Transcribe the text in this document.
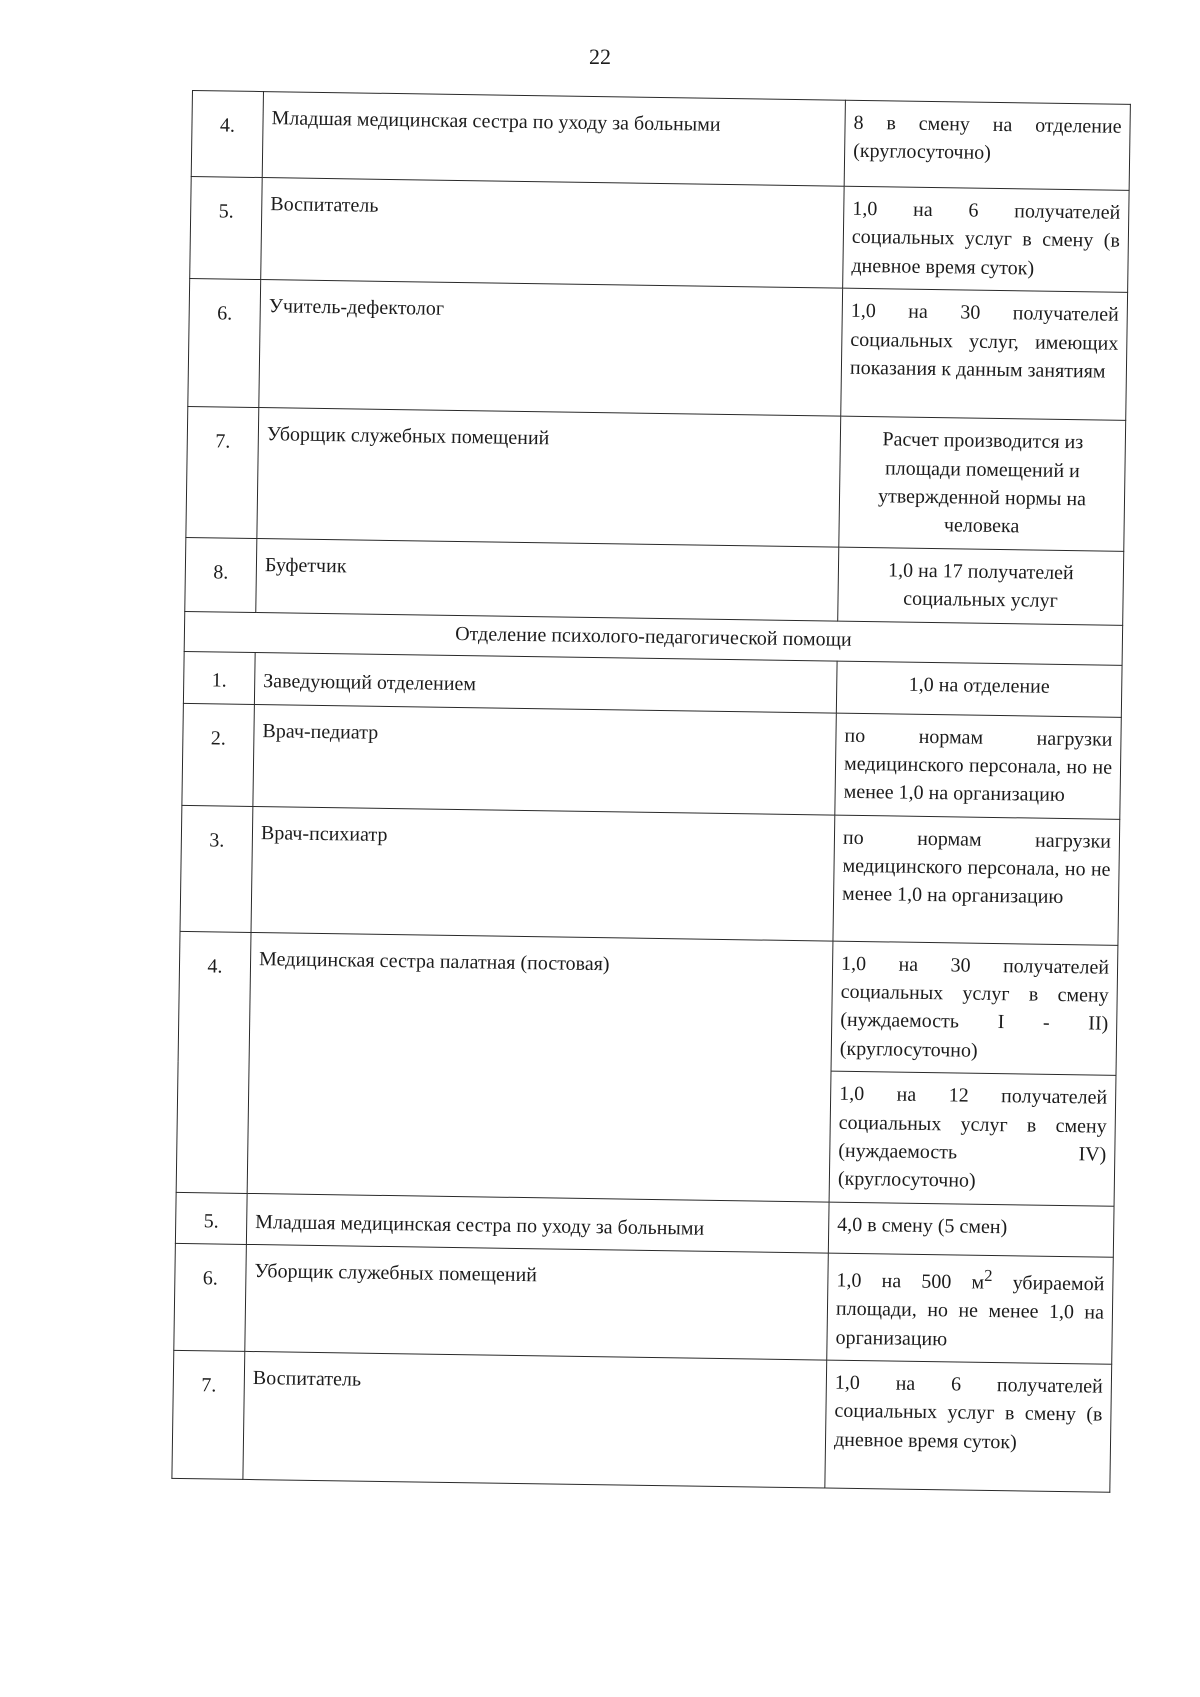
22
4.	Младшая медицинская сестра по уходу за больными	8 в смену на отделение (круглосуточно)
5.	Воспитатель	1,0 на 6 получателей социальных услуг в смену (в дневное время суток)
6.	Учитель-дефектолог	1,0 на 30 получателей социальных услуг, имеющих показания к данным занятиям
7.	Уборщик служебных помещений	Расчет производится из площади помещений и утвержденной нормы на человека
8.	Буфетчик	1,0 на 17 получателей социальных услуг
Отделение психолого-педагогической помощи		
1.	Заведующий отделением	1,0 на отделение
2.	Врач-педиатр	по нормам нагрузки медицинского персонала, но не менее 1,0 на организацию
3.	Врач-психиатр	по нормам нагрузки медицинского персонала, но не менее 1,0 на организацию
4.	Медицинская сестра палатная (постовая)	1,0 на 30 получателей социальных услуг в смену (нуждаемость I - II) (круглосуточно)
		1,0 на 12 получателей социальных услуг в смену (нуждаемость IV) (круглосуточно)
5.	Младшая медицинская сестра по уходу за больными	4,0 в смену (5 смен)
6.	Уборщик служебных помещений	1,0 на 500 $м^2$ убираемой площади, но не менее 1,0 на организацию
7.	Воспитатель	1,0 на 6 получателей социальных услуг в смену (в дневное время суток)
